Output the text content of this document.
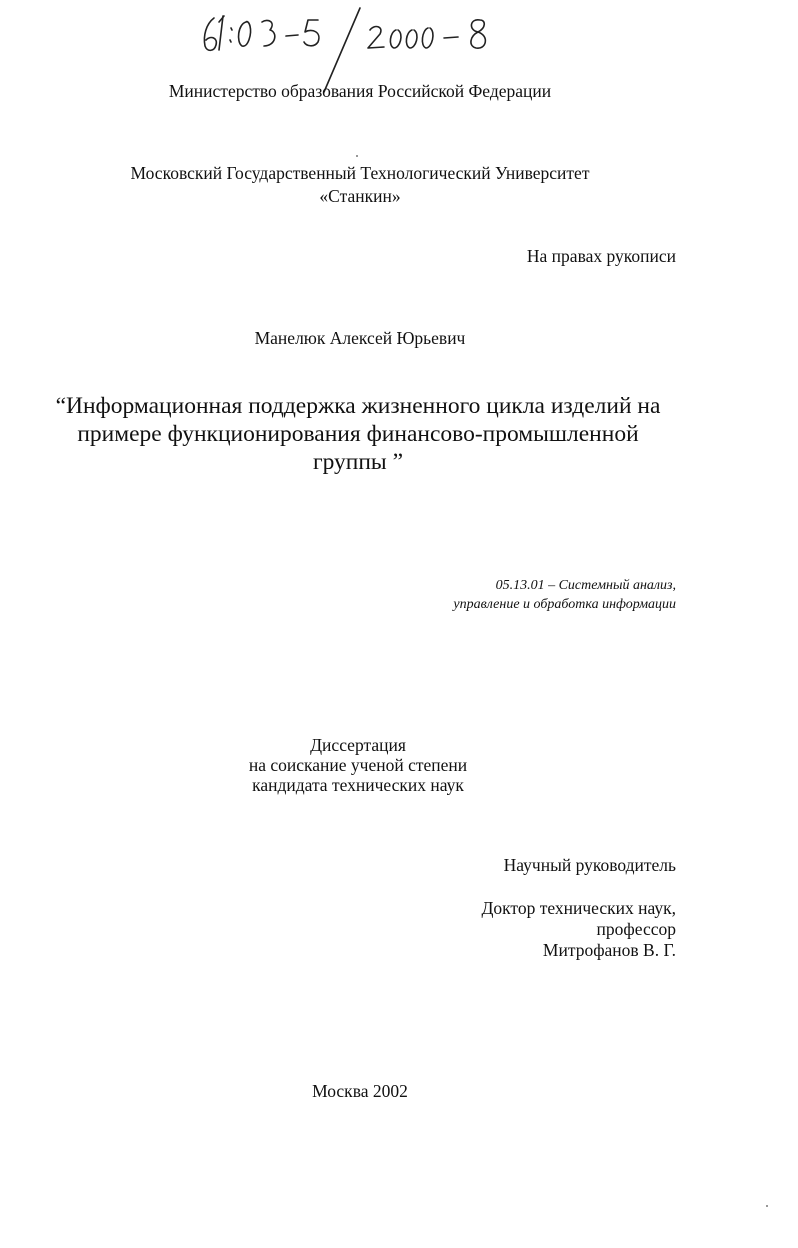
Министерство образования Российской Федерации
Московский Государственный Технологический Университет
«Станкин»
На правах рукописи
Манелюк Алексей Юрьевич
“Информационная поддержка жизненного цикла изделий на
примере функционирования финансово-промышленной
группы ”
05.13.01 – Системный анализ,
управление и обработка информации
Диссертация
на соискание ученой степени
кандидата технических наук
Научный руководитель
Доктор технических наук,
профессор
Митрофанов В. Г.
Москва 2002
